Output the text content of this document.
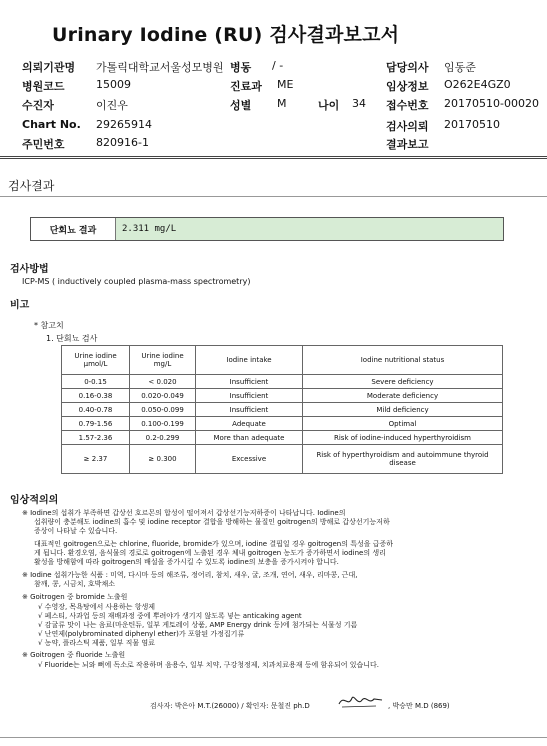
Urinary Iodine (RU) 검사결과보고서
의뢰기관명 가톨릭대학교서울성모병원 병동 / -	담당의사 임동준
병원코드	15009	진료과 ME	임상정보 O262E4GZ0
수진자	이진우	성별 M	나이 34 접수번호 20170510-00020
Chart No. 29265914	검사의뢰 20170510
주민번호	820916-1	결과보고
검사결과
단회뇨 결과	2.311 mg/L
검사방법
ICP-MS ( inductively coupled plasma-mass spectrometry)
비고
* 참고치
1. 단회뇨 검사
Urine iodine μmol/L	Urine iodine mg/L	Iodine intake	Iodine nutritional status
0-0.15	< 0.020	Insufficient	Severe deficiency
0.16-0.38	0.020-0.049	Insufficient	Moderate deficiency
0.40-0.78	0.050-0.099	Insufficient	Mild deficiency
0.79-1.56	0.100-0.199	Adequate	Optimal
1.57-2.36	0.2-0.299	More than adequate	Risk of iodine-induced hyperthyroidism
≥ 2.37	≥ 0.300	Excessive	Risk of hyperthyroidism and autoimmune thyroid disease
임상적의의
※ Iodine의 섭취가 부족하면 갑상선 호르몬의 합성이 떨어져서 갑상선기능저하증이 나타납니다. Iodine의
섭취량이 충분해도 iodine의 흡수 및 iodine receptor 결합을 방해하는 물질인 goitrogen의 방해로 갑상선기능저하
증상이 나타날 수 있습니다.
대표적인 goitrogen으로는 chlorine, fluoride, bromide가 있으며, iodine 결핍일 경우 goitrogen의 특성을 급증하
게 됩니다. 환경오염, 음식물의 경로로 goitrogen에 노출된 경우 체내 goitrogen 농도가 증가하면서 iodine의 생리
활성을 방해함에 따라 goitrogen의 배설을 증가시킬 수 있도록 iodine의 보충을 증가시켜야 합니다.
※ Iodine 섭취가능한 식품 : 미역, 다시마 등의 해조류, 정어리, 참치, 새우, 굴, 조개, 연어, 새우, 리마콩, 근대,
참깨, 콩, 시금치, 호박채소
※ Goitrogen 중 bromide 노출원
√ 수영장, 목욕탕에서 사용하는 항생제
√ 페스티, 사과업 등의 재배과정 중에 뿌려야가 생기지 않도록 넣는 anticaking agent
√ 감귤류 맛이 나는 음료(마운틴듀, 일부 게토레이 상품, AMP Energy drink 등)에 첨가되는 식물성 기름
√ 난연제(polybrominated diphenyl ether)가 포함된 가정집기류
√ 농약, 플라스틱 제품, 일부 직물 염료
※ Goitrogen 중 fluoride 노출원
√ Fluoride는 뇌와 뼈에 독소로 작용하며 음용수, 일부 치약, 구강청정제, 치과치료용재 등에 함유되어 있습니다.
검사자: 박은아 M.T.(26000) / 확인자: 문철진 ph.D	, 박승만 M.D (869)
